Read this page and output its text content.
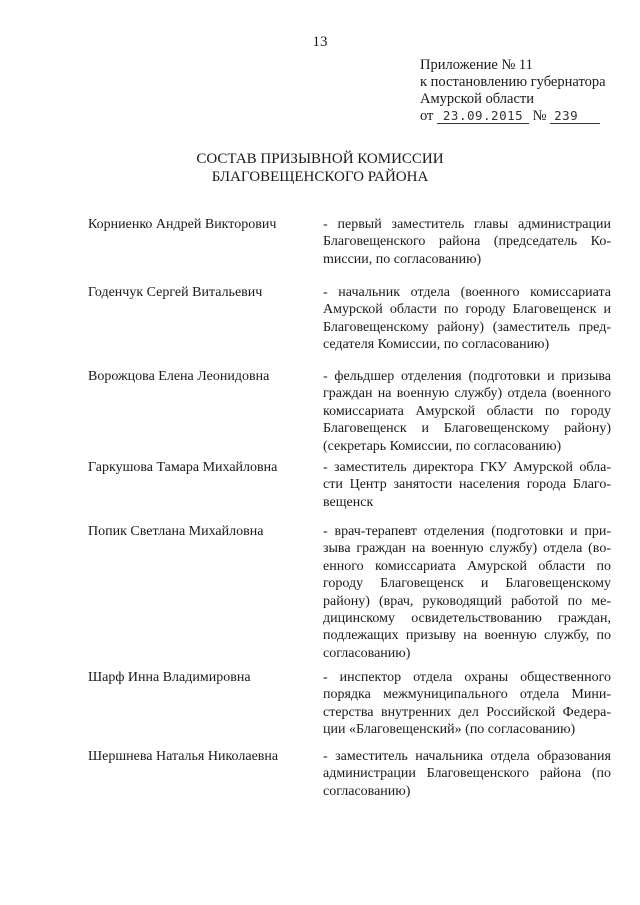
13
Приложение № 11
к постановлению губернатора
Амурской области
от 23.09.2015 № 239
СОСТАВ ПРИЗЫВНОЙ КОМИССИИ
БЛАГОВЕЩЕНСКОГО РАЙОНА
Корниенко Андрей Викторович	- первый заместитель главы администрации Благовещенского района (председатель Коmиссии, по согласованию)
Годенчук Сергей Витальевич	- начальник отдела (военного комиссариата Амурской области по городу Благовещенск и Благовещенскому району) (заместитель председателя Комиссии, по согласованию)
Ворожцова Елена Леонидовна	- фельдшер отделения (подготовки и призыва граждан на военную службу) отдела (военного комиссариата Амурской области по городу Благовещенск и Благовещенскому району) (секретарь Комиссии, по согласованию)
Гаркушова Тамара Михайловна	- заместитель директора ГКУ Амурской области Центр занятости населения города Благовещенск
Попик Светлана Михайловна	- врач-терапевт отделения (подготовки и призыва граждан на военную службу) отдела (военного комиссариата Амурской области по городу Благовещенск и Благовещенскому району) (врач, руководящий работой по медицинскому освидетельствованию граждан, подлежащих призыву на военную службу, по согласованию)
Шарф Инна Владимировна	- инспектор отдела охраны общественного порядка межмуниципального отдела Министерства внутренних дел Российской Федерации «Благовещенский» (по согласованию)
Шершнева Наталья Николаевна	- заместитель начальника отдела образования администрации Благовещенского района (по согласованию)
